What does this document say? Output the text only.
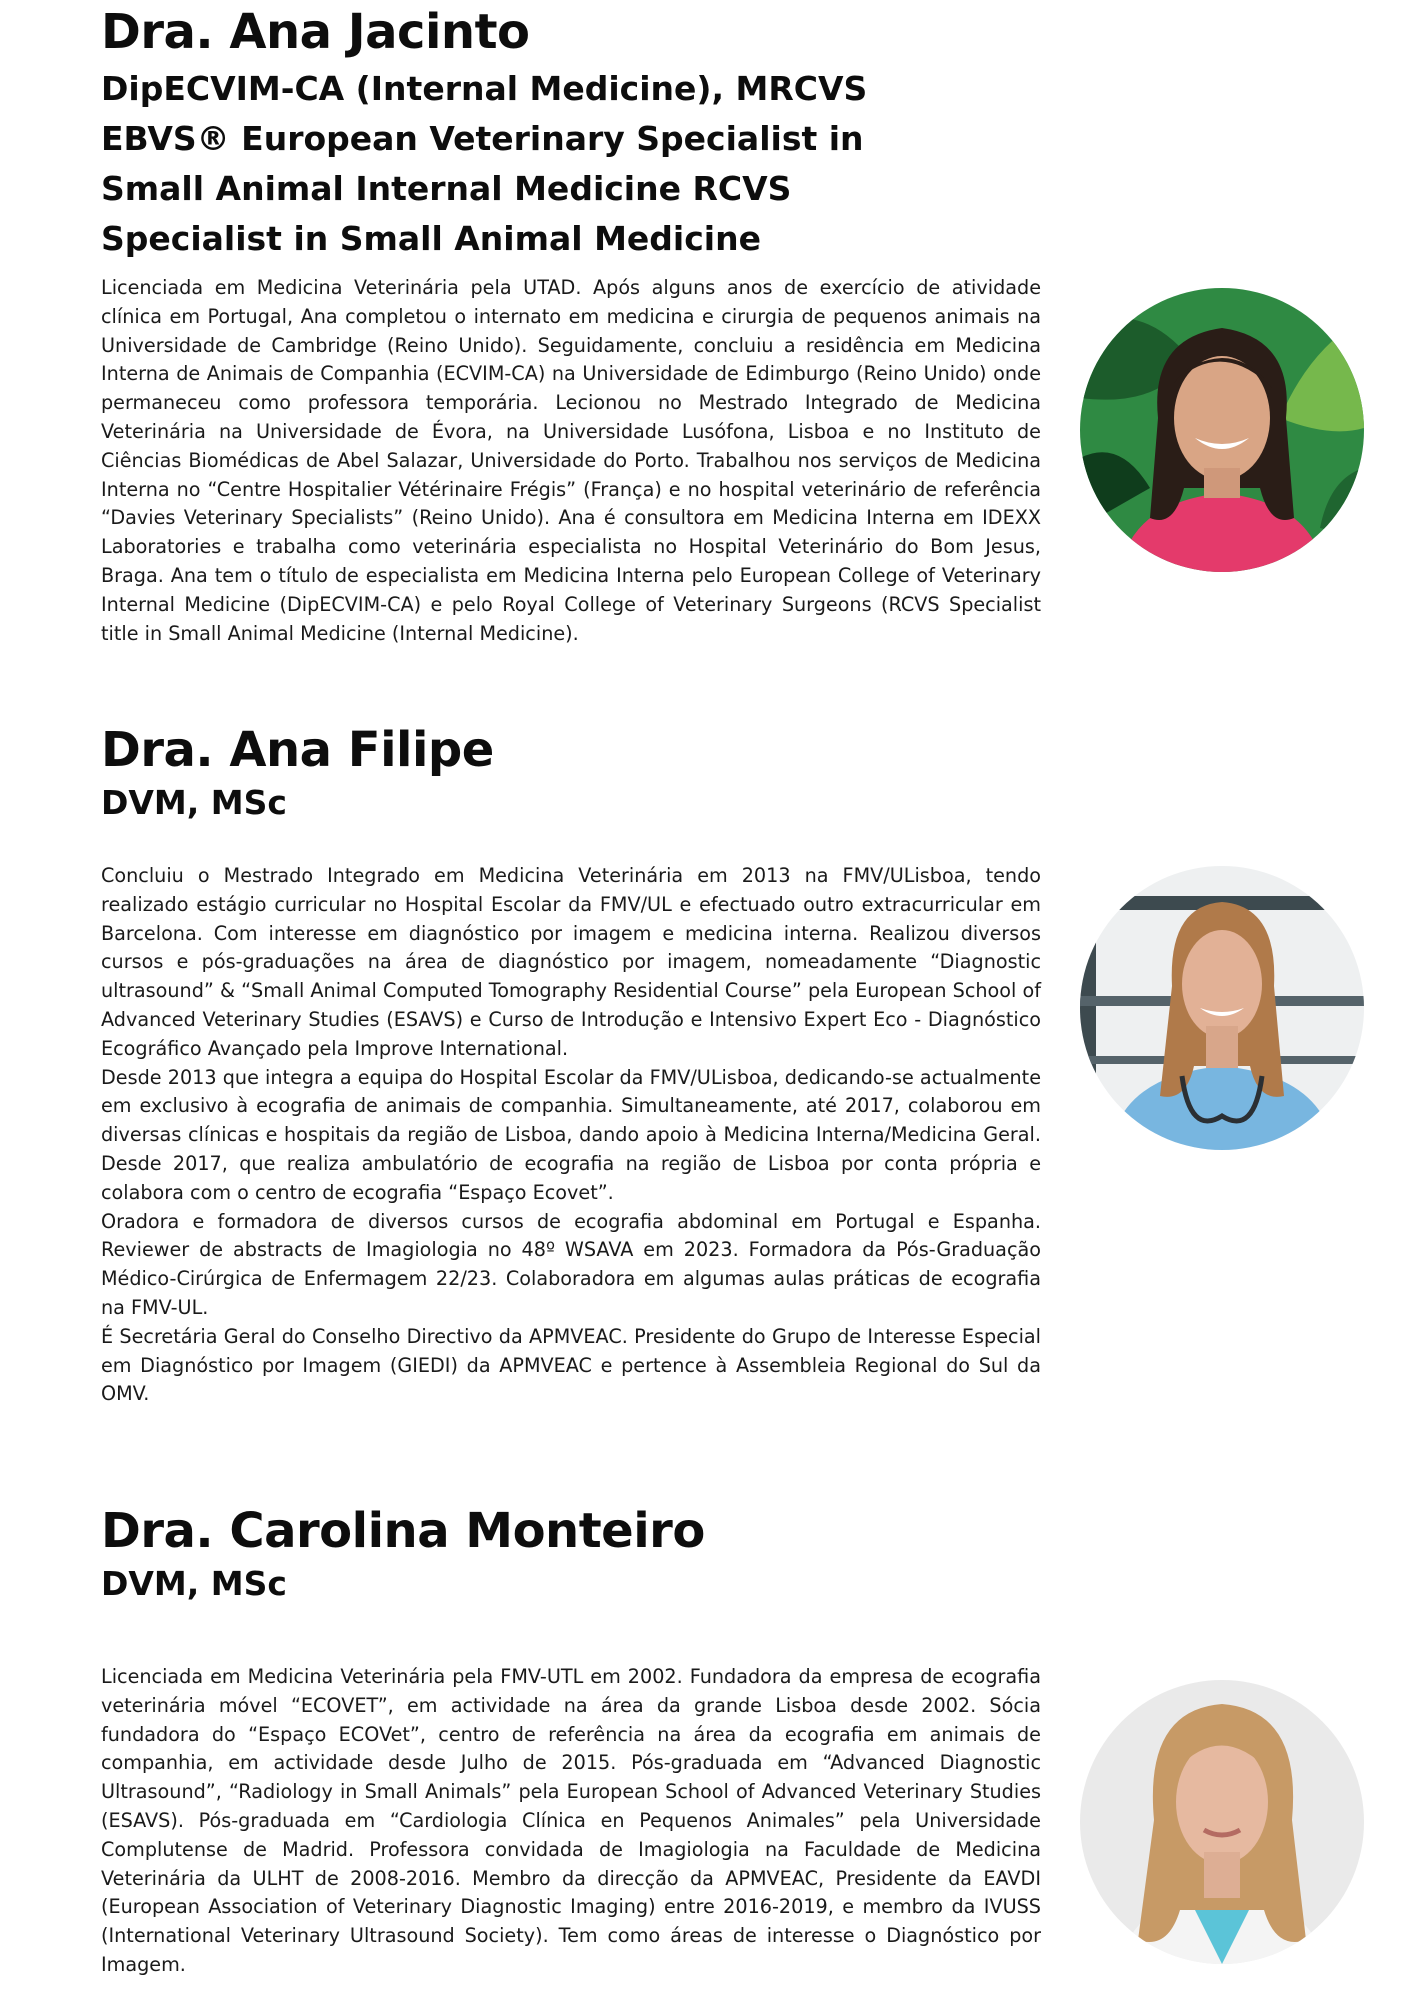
Dra. Ana Jacinto
DipECVIM-CA (Internal Medicine), MRCVS EBVS® European Veterinary Specialist in Small Animal Internal Medicine RCVS Specialist in Small Animal Medicine

Licenciada em Medicina Veterinária pela UTAD. Após alguns anos de exercício de atividade clínica em Portugal, Ana completou o internato em medicina e cirurgia de pequenos animais na Universidade de Cambridge (Reino Unido). Seguidamente, concluiu a residência em Medicina Interna de Animais de Companhia (ECVIM-CA) na Universidade de Edimburgo (Reino Unido) onde permaneceu como professora temporária. Lecionou no Mestrado Integrado de Medicina Veterinária na Universidade de Évora, na Universidade Lusófona, Lisboa e no Instituto de Ciências Biomédicas de Abel Salazar, Universidade do Porto. Trabalhou nos serviços de Medicina Interna no “Centre Hospitalier Vétérinaire Frégis” (França) e no hospital veterinário de referência “Davies Veterinary Specialists” (Reino Unido). Ana é consultora em Medicina Interna em IDEXX Laboratories e trabalha como veterinária especialista no Hospital Veterinário do Bom Jesus, Braga. Ana tem o título de especialista em Medicina Interna pelo European College of Veterinary Internal Medicine (DipECVIM-CA) e pelo Royal College of Veterinary Surgeons (RCVS Specialist title in Small Animal Medicine (Internal Medicine).

Dra. Ana Filipe
DVM, MSc

Concluiu o Mestrado Integrado em Medicina Veterinária em 2013 na FMV/ULisboa, tendo realizado estágio curricular no Hospital Escolar da FMV/UL e efectuado outro extracurricular em Barcelona. Com interesse em diagnóstico por imagem e medicina interna. Realizou diversos cursos e pós-graduações na área de diagnóstico por imagem, nomeadamente “Diagnostic ultrasound” & “Small Animal Computed Tomography Residential Course” pela European School of Advanced Veterinary Studies (ESAVS) e Curso de Introdução e Intensivo Expert Eco - Diagnóstico Ecográfico Avançado pela Improve International.

Desde 2013 que integra a equipa do Hospital Escolar da FMV/ULisboa, dedicando-se actualmente em exclusivo à ecografia de animais de companhia. Simultaneamente, até 2017, colaborou em diversas clínicas e hospitais da região de Lisboa, dando apoio à Medicina Interna/Medicina Geral. Desde 2017, que realiza ambulatório de ecografia na região de Lisboa por conta própria e colabora com o centro de ecografia “Espaço Ecovet”.

Oradora e formadora de diversos cursos de ecografia abdominal em Portugal e Espanha. Reviewer de abstracts de Imagiologia no 48º WSAVA em 2023. Formadora da Pós-Graduação Médico-Cirúrgica de Enfermagem 22/23. Colaboradora em algumas aulas práticas de ecografia na FMV-UL.

É Secretária Geral do Conselho Directivo da APMVEAC. Presidente do Grupo de Interesse Especial em Diagnóstico por Imagem (GIEDI) da APMVEAC e pertence à Assembleia Regional do Sul da OMV.

Dra. Carolina Monteiro
DVM, MSc

Licenciada em Medicina Veterinária pela FMV-UTL em 2002. Fundadora da empresa de ecografia veterinária móvel “ECOVET”, em actividade na área da grande Lisboa desde 2002. Sócia fundadora do “Espaço ECOVet”, centro de referência na área da ecografia em animais de companhia, em actividade desde Julho de 2015. Pós-graduada em “Advanced Diagnostic Ultrasound”, “Radiology in Small Animals” pela European School of Advanced Veterinary Studies (ESAVS). Pós-graduada em “Cardiologia Clínica en Pequenos Animales” pela Universidade Complutense de Madrid. Professora convidada de Imagiologia na Faculdade de Medicina Veterinária da ULHT de 2008-2016. Membro da direcção da APMVEAC, Presidente da EAVDI (European Association of Veterinary Diagnostic Imaging) entre 2016-2019, e membro da IVUSS (International Veterinary Ultrasound Society). Tem como áreas de interesse o Diagnóstico por Imagem.
